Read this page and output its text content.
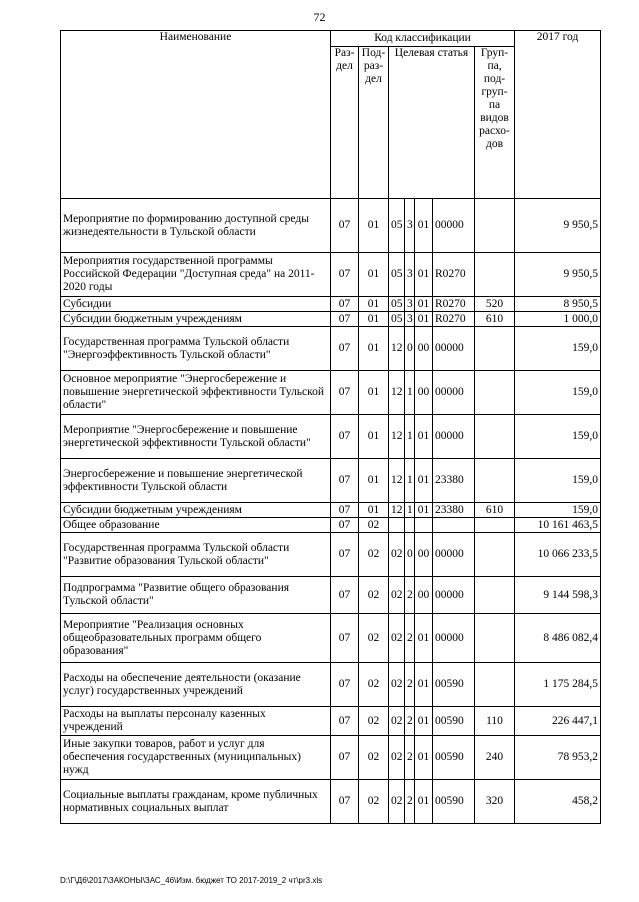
72
Наименование	Код классификации							2017 год
	Раз-дел	Под-раз-дел	Целевая статья				Груп-па, под-груп-па видов расхо-дов	
Мероприятие по формированию доступной среды жизнедеятельности в Тульской области	07	01	05	3	01	00000		9 950,5
Мероприятия государственной программы Российской Федерации "Доступная среда" на 2011-2020 годы	07	01	05	3	01	R0270		9 950,5
Субсидии	07	01	05	3	01	R0270	520	8 950,5
Субсидии бюджетным учреждениям	07	01	05	3	01	R0270	610	1 000,0
Государственная программа Тульской области "Энергоэффективность Тульской области"	07	01	12	0	00	00000		159,0
Основное мероприятие "Энергосбережение и повышение энергетической эффективности Тульской области"	07	01	12	1	00	00000		159,0
Мероприятие "Энергосбережение и повышение энергетической эффективности Тульской области"	07	01	12	1	01	00000		159,0
Энергосбережение и повышение энергетической эффективности Тульской области	07	01	12	1	01	23380		159,0
Субсидии бюджетным учреждениям	07	01	12	1	01	23380	610	159,0
Общее образование	07	02						10 161 463,5
Государственная программа Тульской области "Развитие образования Тульской области"	07	02	02	0	00	00000		10 066 233,5
Подпрограмма "Развитие общего образования Тульской области"	07	02	02	2	00	00000		9 144 598,3
Мероприятие "Реализация основных общеобразовательных программ общего образования"	07	02	02	2	01	00000		8 486 082,4
Расходы на обеспечение деятельности (оказание услуг) государственных учреждений	07	02	02	2	01	00590		1 175 284,5
Расходы на выплаты персоналу казенных учреждений	07	02	02	2	01	00590	110	226 447,1
Иные закупки товаров, работ и услуг для обеспечения государственных (муниципальных) нужд	07	02	02	2	01	00590	240	78 953,2
Социальные выплаты гражданам, кроме публичных нормативных социальных выплат	07	02	02	2	01	00590	320	458,2
D:\Г\Д6\2017\ЗАКОНЫ\ЗАС_46\Изм. бюджет ТО 2017-2019_2 чт\pr3.xls
